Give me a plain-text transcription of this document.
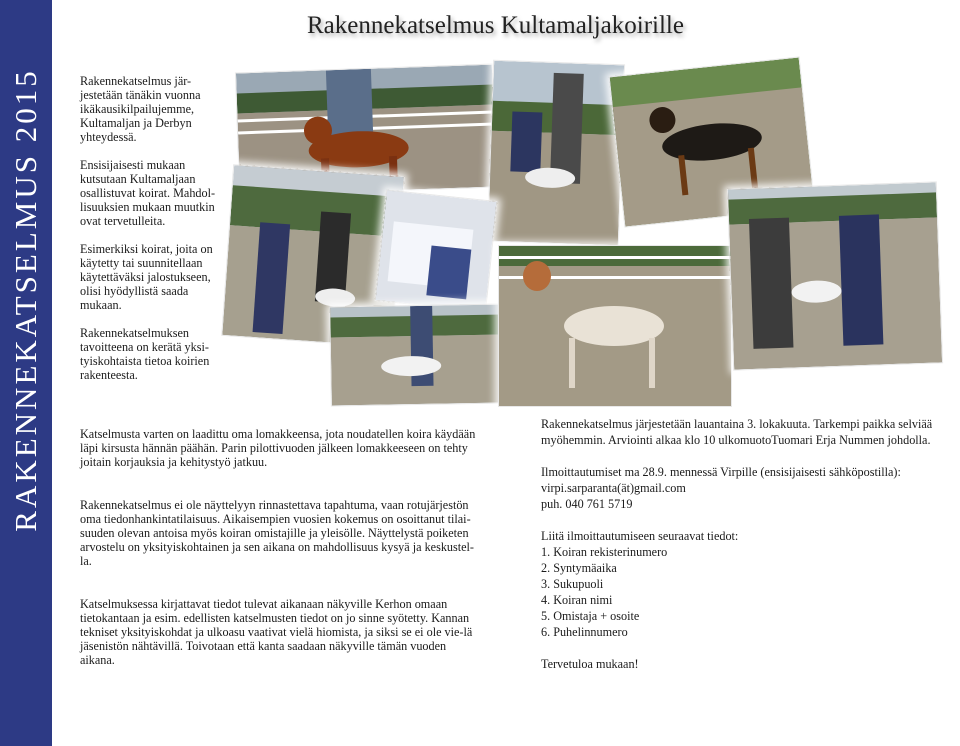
RAKENNEKATSELMUS 2015
Rakennekatselmus Kultamaljakoirille

Rakennekatselmus jär-jestetään tänäkin vuonna ikäkausikilpailujemme, Kultamaljan ja Derbyn yhteydessä.

Ensisijaisesti mukaan kutsutaan Kultamaljaan osallistuvat koirat. Mahdol-lisuuksien mukaan muutkin ovat tervetulleita.

Esimerkiksi koirat, joita on käytetty tai suunnitellaan käytettäväksi jalostukseen, olisi hyödyllistä saada mukaan.

Rakennekatselmuksen tavoitteena on kerätä yksi-tyiskohtaista tietoa koirien rakenteesta.

Katselmusta varten on laadittu oma lomakkeensa, jota noudatellen koira käydään läpi kirsusta hännän päähän. Parin pilottivuoden jälkeen lomakkeeseen on tehty joitain korjauksia ja kehitystyö jatkuu.

Rakennekatselmus ei ole näyttelyyn rinnastettava tapahtuma, vaan rotujärjestön oma tiedonhankintatilaisuus. Aikaisempien vuosien kokemus on osoittanut tilai-suuden olevan antoisa myös koiran omistajille ja yleisölle. Näyttelystä poiketen arvostelu on yksityiskohtainen ja sen aikana on mahdollisuus kysyä ja keskustel-la.

Katselmuksessa kirjattavat tiedot tulevat aikanaan näkyville Kerhon omaan tietokantaan ja esim. edellisten katselmusten tiedot on jo sinne syötetty. Kannan tekniset yksityiskohdat ja ulkoasu vaativat vielä hiomista, ja siksi se ei ole vie-lä jäsenistön nähtävillä. Toivotaan että kanta saadaan näkyville tämän vuoden aikana.

Rakennekatselmus järjestetään lauantaina 3. lokakuuta. Tarkempi paikka selviää myöhemmin. Arviointi alkaa klo 10 ulkomuotoTuomari Erja Nummen johdolla.

Ilmoittautumiset ma 28.9. mennessä Virpille (ensisijaisesti sähköpostilla):
virpi.sarparanta(ät)gmail.com
puh. 040 761 5719

Liitä ilmoittautumiseen seuraavat tiedot:
1. Koiran rekisterinumero
2. Syntymäaika
3. Sukupuoli
4. Koiran nimi
5. Omistaja + osoite
6. Puhelinnumero
Tervetuloa mukaan!
